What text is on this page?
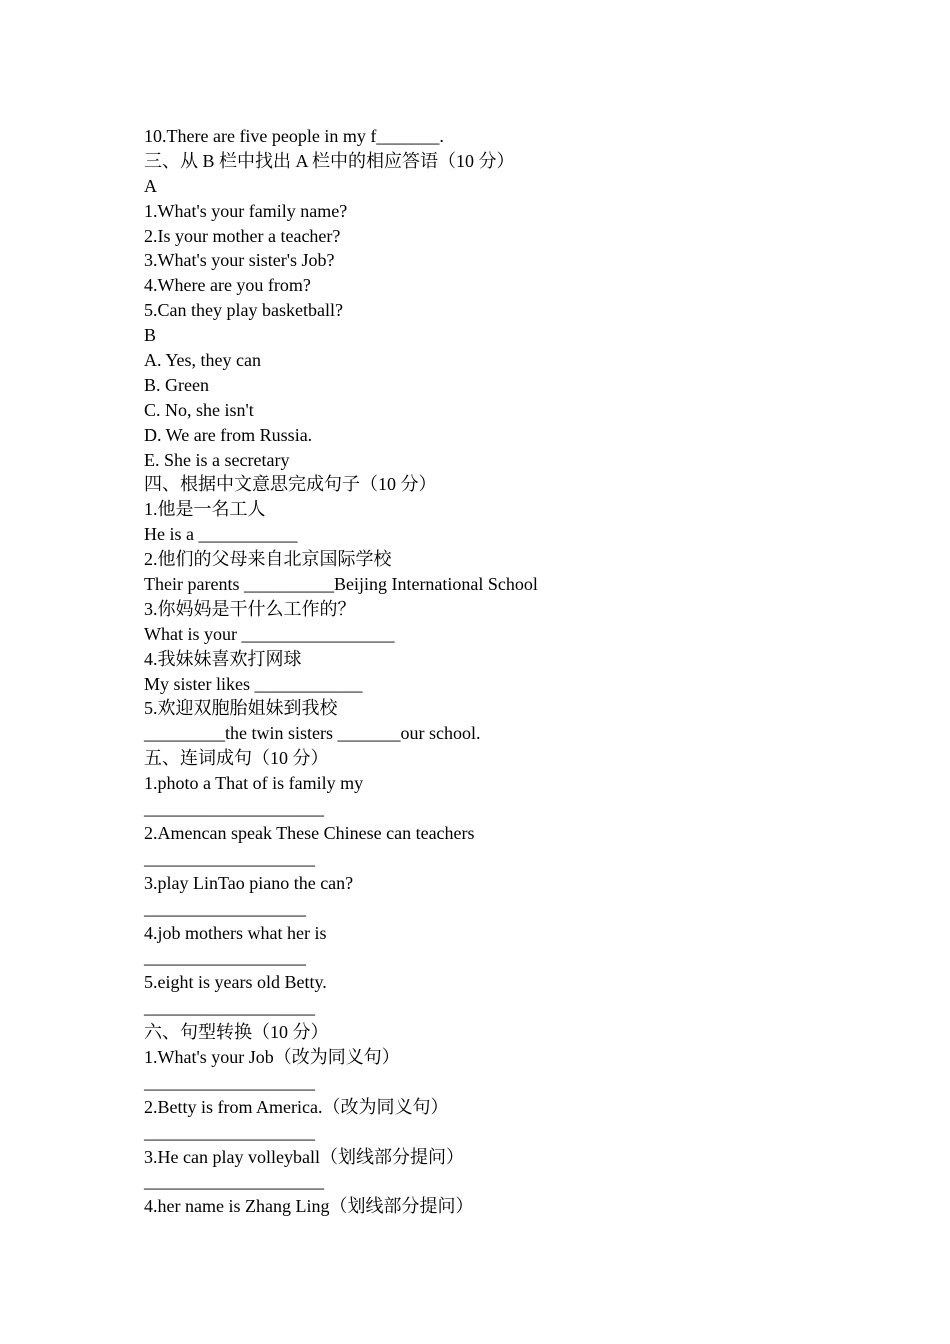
10.There are five people in my f_______.
三、从 B 栏中找出 A 栏中的相应答语（10 分）
A
1.What's your family name?
2.Is your mother a teacher?
3.What's your sister's Job?
4.Where are you from?
5.Can they play basketball?
B
A. Yes, they can
B. Green
C. No, she isn't
D. We are from Russia.
E. She is a secretary
四、根据中文意思完成句子（10 分）
1.他是一名工人
He is a ___________
2.他们的父母来自北京国际学校
Their parents __________Beijing International School
3.你妈妈是干什么工作的？
What is your _________________
4.我妹妹喜欢打网球
My sister likes ____________
5.欢迎双胞胎姐妹到我校
_________the twin sisters _______our school.
五、连词成句（10 分）
1.photo a That of is family my
____________________
2.Amencan speak These Chinese can teachers
___________________
3.play LinTao piano the can?
__________________
4.job mothers what her is
__________________
5.eight is years old Betty.
___________________
六、句型转换（10 分）
1.What's your Job（改为同义句）
___________________
2.Betty is from America.（改为同义句）
___________________
3.He can play volleyball（划线部分提问）
____________________
4.her name is Zhang Ling（划线部分提问）
